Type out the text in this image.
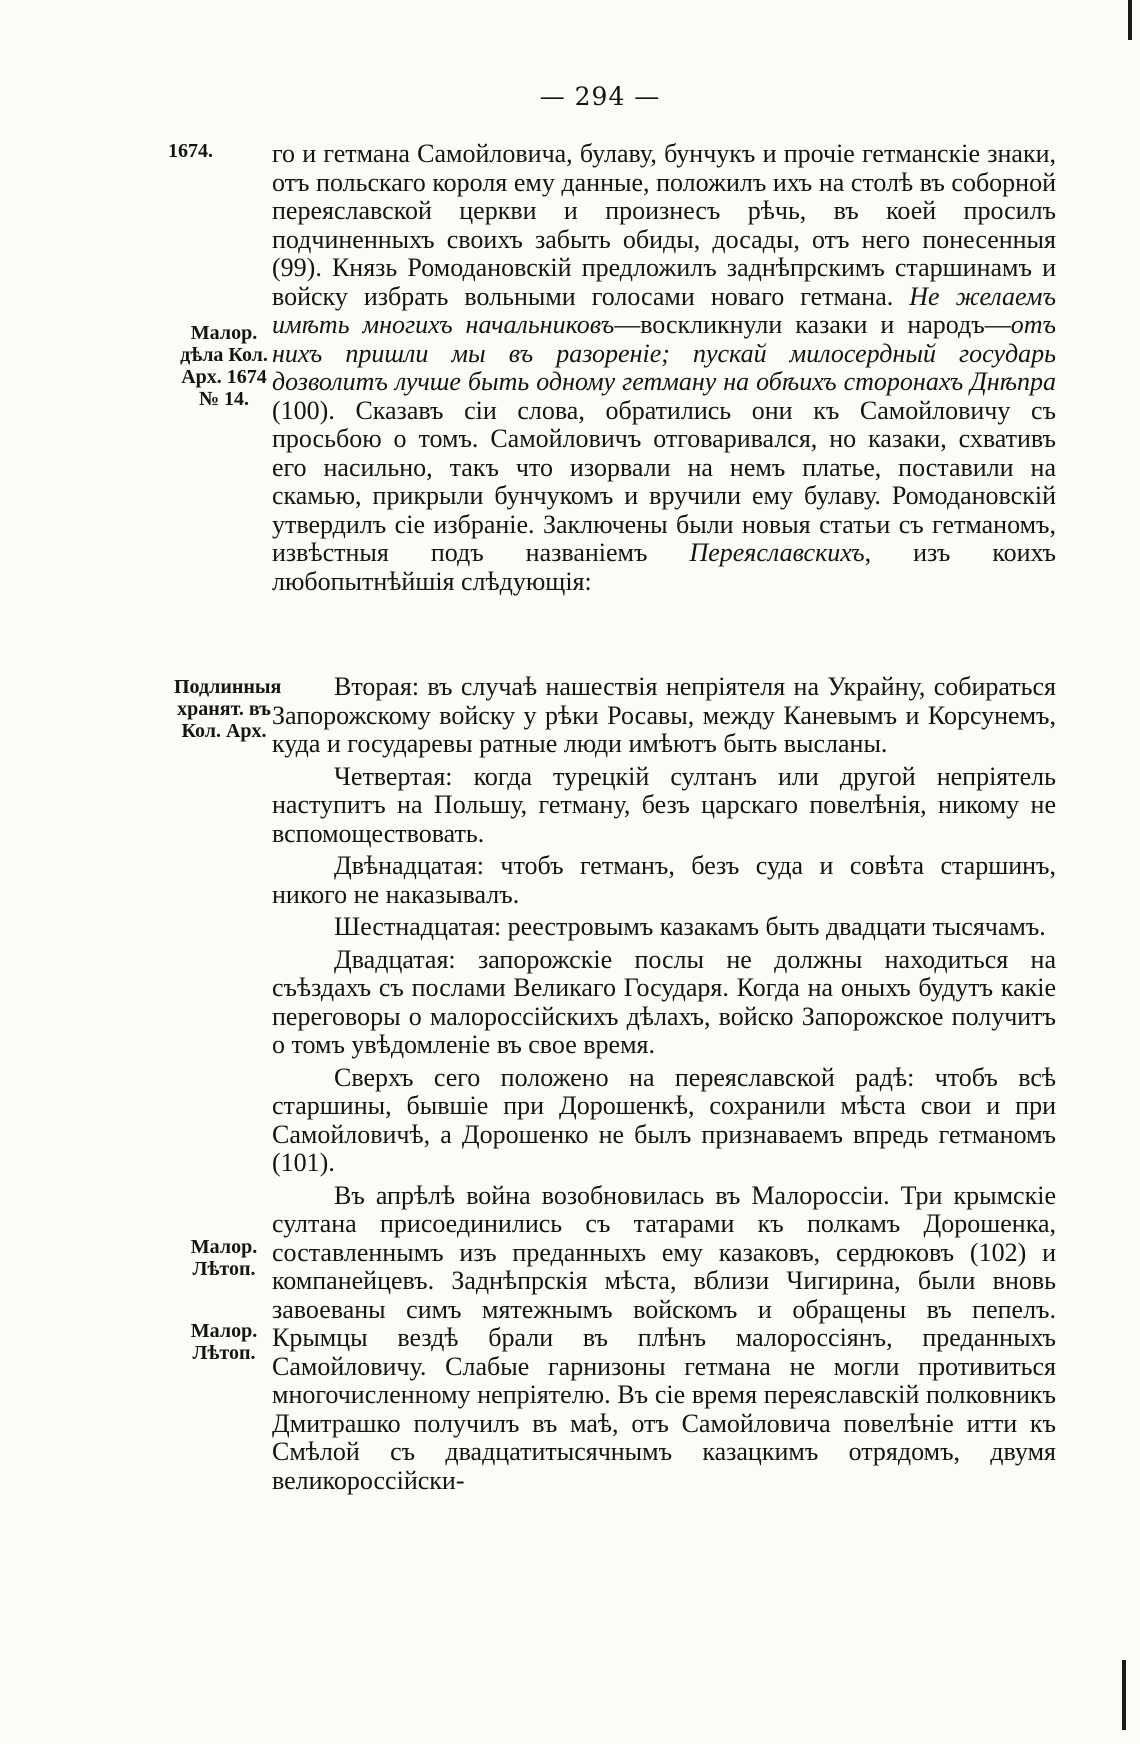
— 294 —
1674.
Малор. дѣла Кол. Арх. 1674 № 14.
Подлинныя хранят. въ Кол. Арх.
Малор. Лѣтоп.
Малор. Лѣтоп.

го и гетмана Самойловича, булаву, бунчукъ и прочіе гетманскіе знаки, отъ польскаго короля ему данные, положилъ ихъ на столѣ въ соборной переяславской церкви и произнесъ рѣчь, въ коей просилъ подчиненныхъ своихъ забыть обиды, досады, отъ него понесенныя (99). Князь Ромодановскій предложилъ заднѣпрскимъ старшинамъ и войску избрать вольными голосами новаго гетмана. Не желаемъ имѣть многихъ начальниковъ—воскликнули казаки и народъ—отъ нихъ пришли мы въ разореніе; пускай милосердный государь дозволитъ лучше быть одному гетману на обѣихъ сторонахъ Днѣпра (100). Сказавъ сіи слова, обратились они къ Самойловичу съ просьбою о томъ. Самойловичъ отговаривался, но казаки, схвативъ его насильно, такъ что изорвали на немъ платье, поставили на скамью, прикрыли бунчукомъ и вручили ему булаву. Ромодановскій утвердилъ сіе избраніе. Заключены были новыя статьи съ гетманомъ, извѣстныя подъ названіемъ Переяславскихъ, изъ коихъ любопытнѣйшія слѣдующія:

Вторая: въ случаѣ нашествія непріятеля на Украйну, собираться Запорожскому войску у рѣки Росавы, между Каневымъ и Корсунемъ, куда и государевы ратные люди имѣютъ быть высланы.

Четвертая: когда турецкій султанъ или другой непріятель наступитъ на Польшу, гетману, безъ царскаго повелѣнія, никому не вспомоществовать.

Двѣнадцатая: чтобъ гетманъ, безъ суда и совѣта старшинъ, никого не наказывалъ.

Шестнадцатая: реестровымъ казакамъ быть двадцати тысячамъ.

Двадцатая: запорожскіе послы не должны находиться на съѣздахъ съ послами Великаго Государя. Когда на оныхъ будутъ какіе переговоры о малороссійскихъ дѣлахъ, войско Запорожское получитъ о томъ увѣдомленіе въ свое время.

Сверхъ сего положено на переяславской радѣ: чтобъ всѣ старшины, бывшіе при Дорошенкѣ, сохранили мѣста свои и при Самойловичѣ, а Дорошенко не былъ признаваемъ впредь гетманомъ (101).

Въ апрѣлѣ война возобновилась въ Малороссіи. Три крымскіе султана присоединились съ татарами къ полкамъ Дорошенка, составленнымъ изъ преданныхъ ему казаковъ, сердюковъ (102) и компанейцевъ. Заднѣпрскія мѣста, вблизи Чигирина, были вновь завоеваны симъ мятежнымъ войскомъ и обращены въ пепелъ. Крымцы вездѣ брали въ плѣнъ малороссіянъ, преданныхъ Самойловичу. Слабые гарнизоны гетмана не могли противиться многочисленному непріятелю. Въ сіе время переяславскій полковникъ Дмитрашко получилъ въ маѣ, отъ Самойловича повелѣніе итти къ Смѣлой съ двадцатитысячнымъ казацкимъ отрядомъ, двумя великороссійски-
